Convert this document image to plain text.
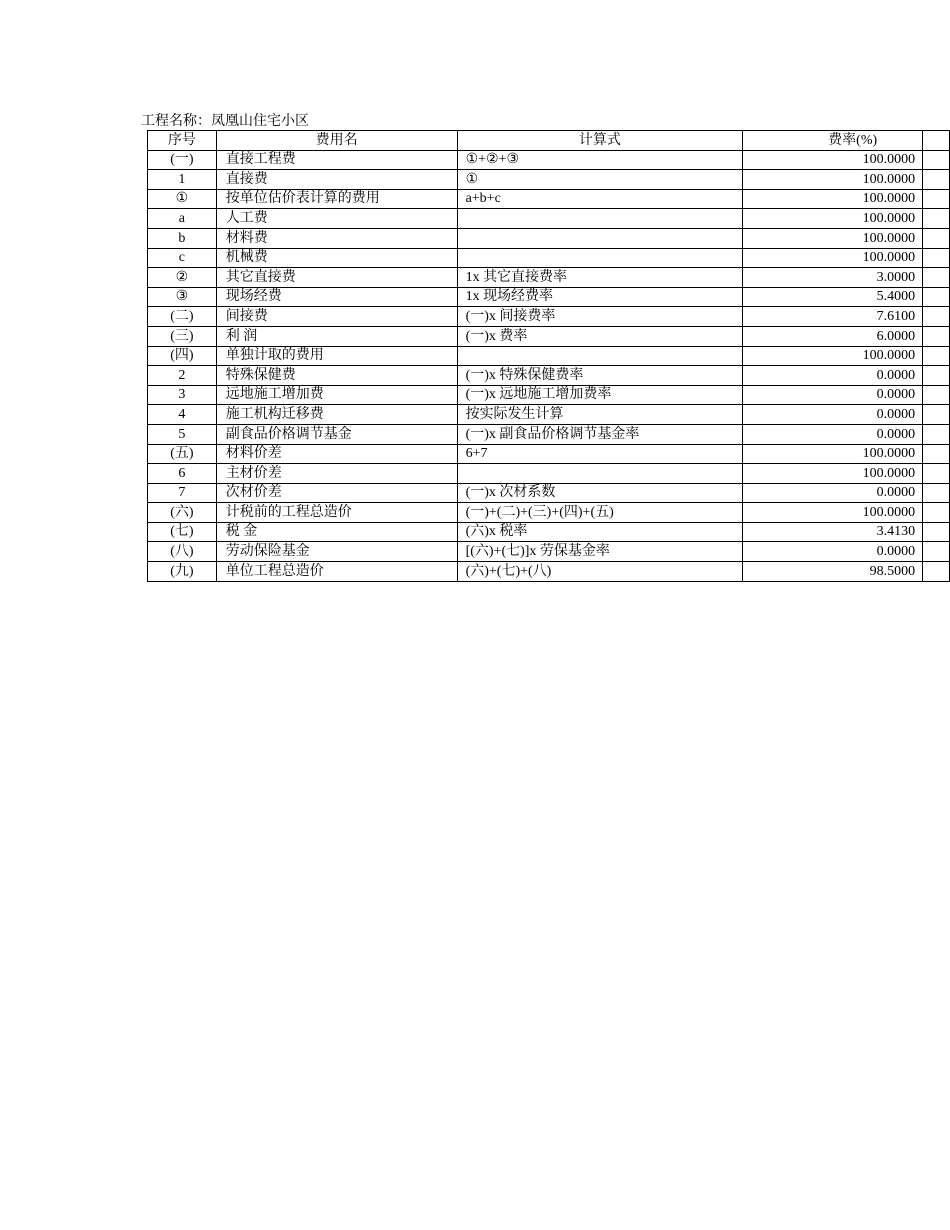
工程名称：凤凰山住宅小区
序号	费用名	计算式	费率(%)	
(一)	直接工程费	①+②+③	100.0000	
1	直接费	①	100.0000	
①	按单位估价表计算的费用	a+b+c	100.0000	
a	人工费		100.0000	
b	材料费		100.0000	
c	机械费		100.0000	
②	其它直接费	1x 其它直接费率	3.0000	
③	现场经费	1x 现场经费率	5.4000	
(二)	间接费	(一)x 间接费率	7.6100	
(三)	利 润	(一)x 费率	6.0000	
(四)	单独计取的费用		100.0000	
2	特殊保健费	(一)x 特殊保健费率	0.0000	
3	远地施工增加费	(一)x 远地施工增加费率	0.0000	
4	施工机构迁移费	按实际发生计算	0.0000	
5	副食品价格调节基金	(一)x 副食品价格调节基金率	0.0000	
(五)	材料价差	6+7	100.0000	
6	主材价差		100.0000	
7	次材价差	(一)x 次材系数	0.0000	
(六)	计税前的工程总造价	(一)+(二)+(三)+(四)+(五)	100.0000	
(七)	税 金	(六)x 税率	3.4130	
(八)	劳动保险基金	[(六)+(七)]x 劳保基金率	0.0000	
(九)	单位工程总造价	(六)+(七)+(八)	98.5000	
